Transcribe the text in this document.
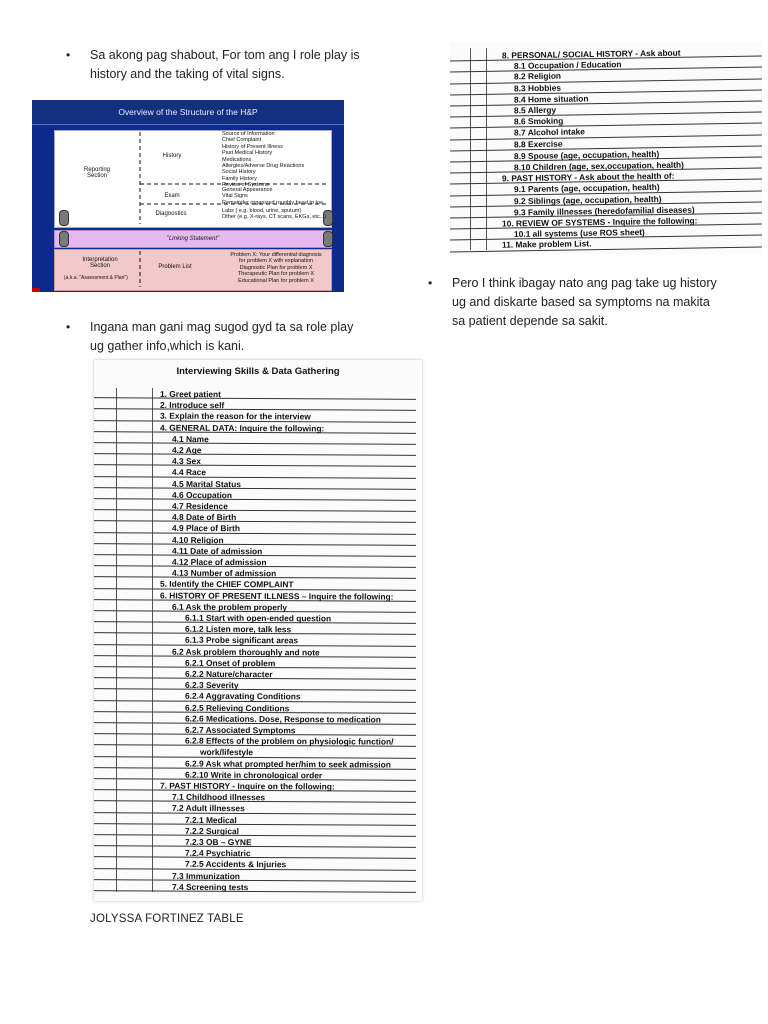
• Sa akong pag shabout, For tom ang I role play is
history and the taking of vital signs.
Overview of the Structure of the H&P
"Linking Statement"
Reporting
Section
History
Source of Information
Chief Complaint
History of Present Illness
Past Medical History
Medications
Allergies/Adverse Drug Reactions
Social History
Family History
Review of Systems
Exam
General Appearance
Vital Signs
Remainder organized roughly head to toe
Diagnostics	Labs ( e.g. blood, urine, sputum)
Other (e.g. X-rays, CT scans, EKGs, etc...)
Interpretation
Section
(a.k.a. "Assessment & Plan")
Problem List
Problem X: Your differential diagnosis
for problem X with explanation
Diagnostic Plan for problem X
Therapeutic Plan for problem X
Educational Plan for problem X
• Ingana man gani mag sugod gyd ta sa role play
ug gather info,which is kani.
Interviewing Skills & Data Gathering
1. Greet patient
2. Introduce self
3. Explain the reason for the interview
4. GENERAL DATA: Inquire the following:
4.1 Name
4.2 Age
4.3 Sex
4.4 Race
4.5 Marital Status
4.6 Occupation
4.7 Residence
4.8 Date of Birth
4.9 Place of Birth
4.10 Religion
4.11 Date of admission
4.12 Place of admission
4.13 Number of admission
5. Identify the CHIEF COMPLAINT
6. HISTORY OF PRESENT ILLNESS – Inquire the following:
6.1 Ask the problem properly
6.1.1 Start with open-ended question
6.1.2 Listen more, talk less
6.1.3 Probe significant areas
6.2 Ask problem thoroughly and note
6.2.1 Onset of problem
6.2.2 Nature/character
6.2.3 Severity
6.2.4 Aggravating Conditions
6.2.5 Relieving Conditions
6.2.6 Medications. Dose, Response to medication
6.2.7 Associated Symptoms
6.2.8 Effects of the problem on physiologic function/
work/lifestyle
6.2.9 Ask what prompted her/him to seek admission
6.2.10 Write in chronological order
7. PAST HISTORY - Inquire on the following:
7.1 Childhood illnesses
7.2 Adult illnesses
7.2.1 Medical
7.2.2 Surgical
7.2.3 OB – GYNE
7.2.4 Psychiatric
7.2.5 Accidents & Injuries
7.3 Immunization
7.4 Screening tests
8. PERSONAL/ SOCIAL HISTORY - Ask about
8.1 Occupation / Education
8.2 Religion
8.3 Hobbies
8.4 Home situation
8.5 Allergy
8.6 Smoking
8.7 Alcohol intake
8.8 Exercise
8.9 Spouse (age, occupation, health)
8.10 Children (age, sex,occupation, health)
9. PAST HISTORY - Ask about the health of:
9.1 Parents (age, occupation, health)
9.2 Siblings (age, occupation, health)
9.3 Family illnesses (heredofamilial diseases)
10. REVIEW OF SYSTEMS - Inquire the following:
10.1 all systems (use ROS sheet)
11. Make problem List.
• Pero I think ibagay nato ang pag take ug history
ug and diskarte based sa symptoms na makita
sa patient depende sa sakit.
JOLYSSA FORTINEZ TABLE
